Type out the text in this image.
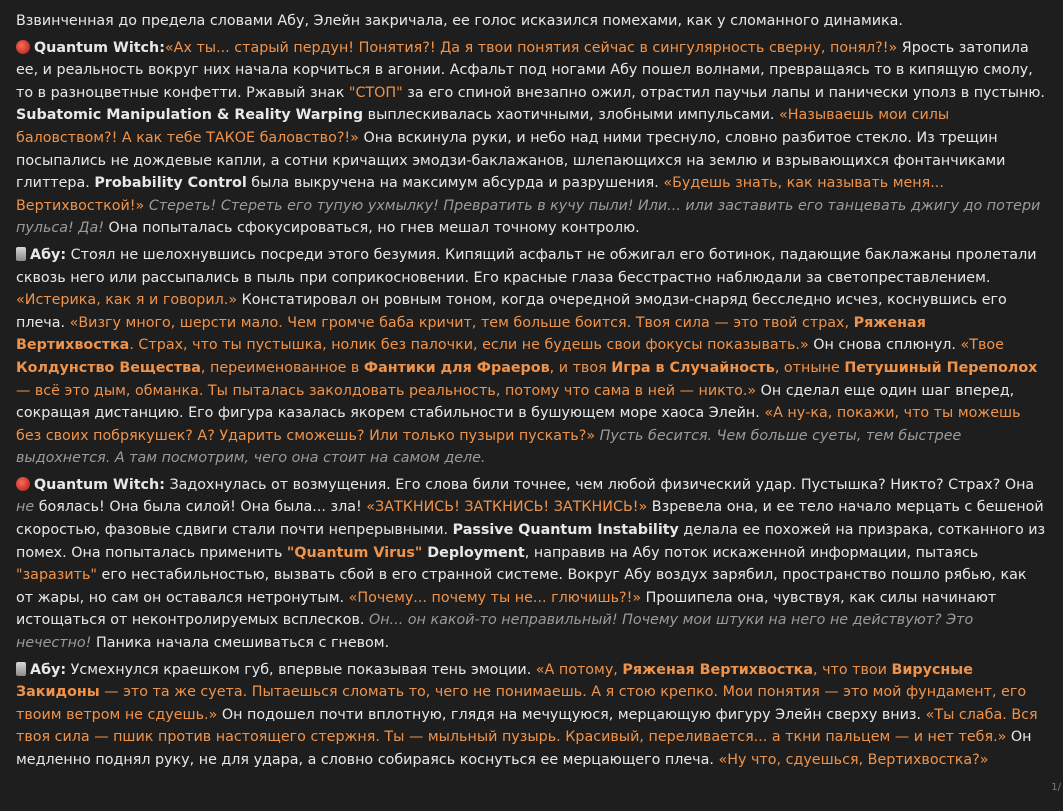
Взвинченная до предела словами Абу, Элейн закричала, ее голос исказился помехами, как у сломанного динамика.

Quantum Witch:«Ах ты... старый пердун! Понятия?! Да я твои понятия сейчас в сингулярность сверну, понял?!» Ярость затопила ее, и реальность вокруг них начала корчиться в агонии. Асфальт под ногами Абу пошел волнами, превращаясь то в кипящую смолу, то в разноцветные конфетти. Ржавый знак "СТОП" за его спиной внезапно ожил, отрастил паучьи лапы и панически уполз в пустыню. Subatomic Manipulation & Reality Warping выплескивалась хаотичными, злобными импульсами. «Называешь мои силы баловством?! А как тебе ТАКОЕ баловство?!» Она вскинула руки, и небо над ними треснуло, словно разбитое стекло. Из трещин посыпались не дождевые капли, а сотни кричащих эмодзи-баклажанов, шлепающихся на землю и взрывающихся фонтанчиками глиттера. Probability Control была выкручена на максимум абсурда и разрушения. «Будешь знать, как называть меня... Вертихвосткой!» Стереть! Стереть его тупую ухмылку! Превратить в кучу пыли! Или... или заставить его танцевать джигу до потери пульса! Да! Она попыталась сфокусироваться, но гнев мешал точному контролю.

Абу: Стоял не шелохнувшись посреди этого безумия. Кипящий асфальт не обжигал его ботинок, падающие баклажаны пролетали сквозь него или рассыпались в пыль при соприкосновении. Его красные глаза бесстрастно наблюдали за светопреставлением. «Истерика, как я и говорил.» Констатировал он ровным тоном, когда очередной эмодзи-снаряд бесследно исчез, коснувшись его плеча. «Визгу много, шерсти мало. Чем громче баба кричит, тем больше боится. Твоя сила — это твой страх, Ряженая Вертихвостка. Страх, что ты пустышка, нолик без палочки, если не будешь свои фокусы показывать.» Он снова сплюнул. «Твое Колдунство Вещества, переименованное в Фантики для Фраеров, и твоя Игра в Случайность, отныне Петушиный Переполох — всё это дым, обманка. Ты пыталась заколдовать реальность, потому что сама в ней — никто.» Он сделал еще один шаг вперед, сокращая дистанцию. Его фигура казалась якорем стабильности в бушующем море хаоса Элейн. «А ну-ка, покажи, что ты можешь без своих побрякушек? А? Ударить сможешь? Или только пузыри пускать?» Пусть бесится. Чем больше суеты, тем быстрее выдохнется. А там посмотрим, чего она стоит на самом деле.

Quantum Witch: Задохнулась от возмущения. Его слова били точнее, чем любой физический удар. Пустышка? Никто? Страх? Она не боялась! Она была силой! Она была... зла! «ЗАТКНИСЬ! ЗАТКНИСЬ! ЗАТКНИСЬ!» Взревела она, и ее тело начало мерцать с бешеной скоростью, фазовые сдвиги стали почти непрерывными. Passive Quantum Instability делала ее похожей на призрака, сотканного из помех. Она попыталась применить "Quantum Virus" Deployment, направив на Абу поток искаженной информации, пытаясь "заразить" его нестабильностью, вызвать сбой в его странной системе. Вокруг Абу воздух зарябил, пространство пошло рябью, как от жары, но сам он оставался нетронутым. «Почему... почему ты не... глючишь?!» Прошипела она, чувствуя, как силы начинают истощаться от неконтролируемых всплесков. Он... он какой-то неправильный! Почему мои штуки на него не действуют? Это нечестно! Паника начала смешиваться с гневом.

Абу: Усмехнулся краешком губ, впервые показывая тень эмоции. «А потому, Ряженая Вертихвостка, что твои Вирусные Закидоны — это та же суета. Пытаешься сломать то, чего не понимаешь. А я стою крепко. Мои понятия — это мой фундамент, его твоим ветром не сдуешь.» Он подошел почти вплотную, глядя на мечущуюся, мерцающую фигуру Элейн сверху вниз. «Ты слаба. Вся твоя сила — пшик против настоящего стержня. Ты — мыльный пузырь. Красивый, переливается... а ткни пальцем — и нет тебя.» Он медленно поднял руку, не для удара, а словно собираясь коснуться ее мерцающего плеча. «Ну что, сдуешься, Вертихвостка?»

1/
